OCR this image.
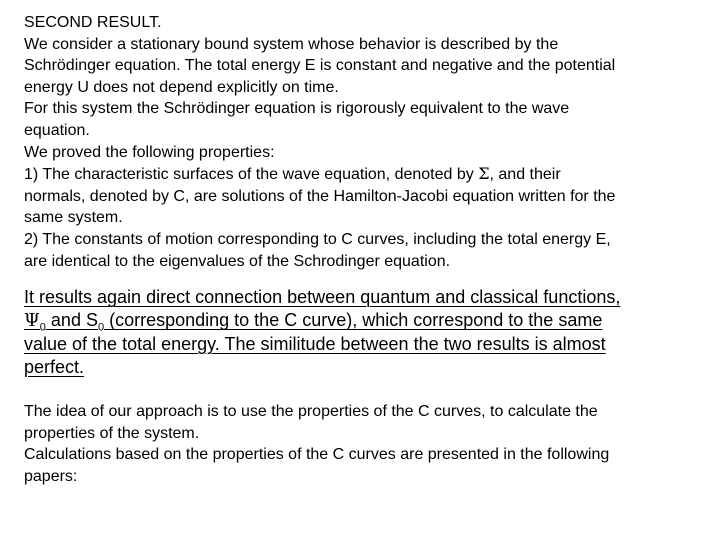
SECOND RESULT.
We consider a stationary bound system whose behavior is described by the
Schrödinger equation. The total energy E is constant and negative and the potential
energy U does not depend explicitly on time.
For this system the Schrödinger equation is rigorously equivalent to the wave
equation.
We proved the following properties:
1) The characteristic surfaces of the wave equation, denoted by Σ, and their
normals, denoted by C, are solutions of the Hamilton-Jacobi equation written for the
same system.
2) The constants of motion corresponding to C curves, including the total energy E,
are identical to the eigenvalues of the Schrodinger equation.
It results again direct connection between quantum and classical functions,
$\Psi_0$ and $S_0$ (corresponding to the C curve), which correspond to the same
value of the total energy. The similitude between the two results is almost
perfect.
The idea of our approach is to use the properties of the C curves, to calculate the
properties of the system.
Calculations based on the properties of the C curves are presented in the following
papers:
